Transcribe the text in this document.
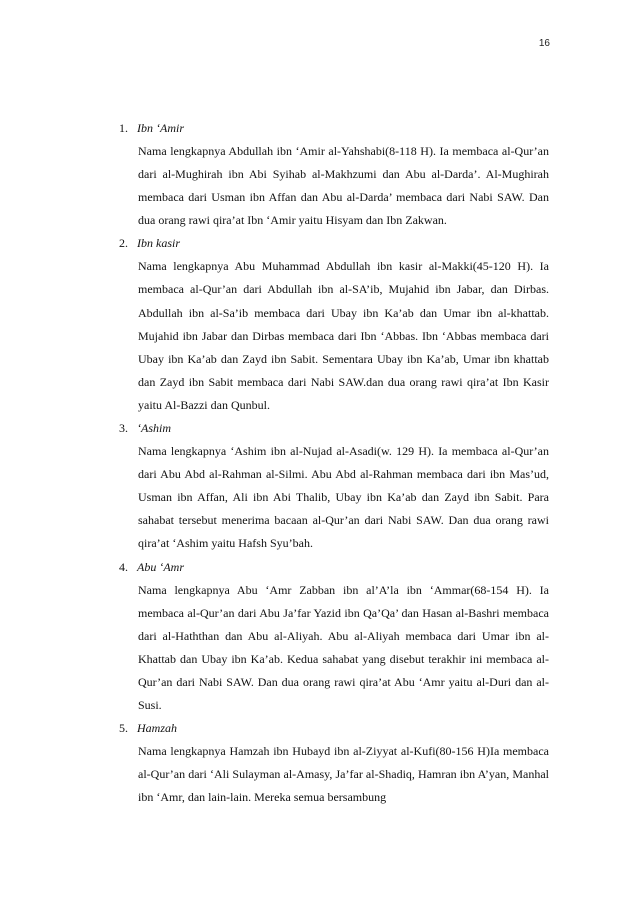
16
1. Ibn ‘Amir

Nama lengkapnya Abdullah ibn ‘Amir al-Yahshabi(8-118 H). Ia membaca al-Qur’an dari al-Mughirah ibn Abi Syihab al-Makhzumi dan Abu al-Darda’. Al-Mughirah membaca dari Usman ibn Affan dan Abu al-Darda’ membaca dari Nabi SAW. Dan dua orang rawi qira’at Ibn ‘Amir yaitu Hisyam dan Ibn Zakwan.

2. Ibn kasir

Nama lengkapnya Abu Muhammad Abdullah ibn kasir al-Makki(45-120 H). Ia membaca al-Qur’an dari Abdullah ibn al-SA’ib, Mujahid ibn Jabar, dan Dirbas. Abdullah ibn al-Sa’ib membaca dari Ubay ibn Ka’ab dan Umar ibn al-khattab. Mujahid ibn Jabar dan Dirbas membaca dari Ibn ‘Abbas. Ibn ‘Abbas membaca dari Ubay ibn Ka’ab dan Zayd ibn Sabit. Sementara Ubay ibn Ka’ab, Umar ibn khattab dan Zayd ibn Sabit membaca dari Nabi SAW.dan dua orang rawi qira’at Ibn Kasir yaitu Al-Bazzi dan Qunbul.

3. ‘Ashim

Nama lengkapnya ‘Ashim ibn al-Nujad al-Asadi(w. 129 H). Ia membaca al-Qur’an dari Abu Abd al-Rahman al-Silmi. Abu Abd al-Rahman membaca dari ibn Mas’ud, Usman ibn Affan, Ali ibn Abi Thalib, Ubay ibn Ka’ab dan Zayd ibn Sabit. Para sahabat tersebut menerima bacaan al-Qur’an dari Nabi SAW. Dan dua orang rawi qira’at ‘Ashim yaitu Hafsh Syu’bah.

4. Abu ‘Amr

Nama lengkapnya Abu ‘Amr Zabban ibn al’A’la ibn ‘Ammar(68-154 H). Ia membaca al-Qur’an dari Abu Ja’far Yazid ibn Qa’Qa’ dan Hasan al-Bashri membaca dari al-Haththan dan Abu al-Aliyah. Abu al-Aliyah membaca dari Umar ibn al-Khattab dan Ubay ibn Ka’ab. Kedua sahabat yang disebut terakhir ini membaca al-Qur’an dari Nabi SAW. Dan dua orang rawi qira’at Abu ‘Amr yaitu al-Duri dan al-Susi.

5. Hamzah

Nama lengkapnya Hamzah ibn Hubayd ibn al-Ziyyat al-Kufi(80-156 H)Ia membaca al-Qur’an dari ‘Ali Sulayman al-Amasy, Ja’far al-Shadiq, Hamran ibn A’yan, Manhal ibn ‘Amr, dan lain-lain. Mereka semua bersambung
